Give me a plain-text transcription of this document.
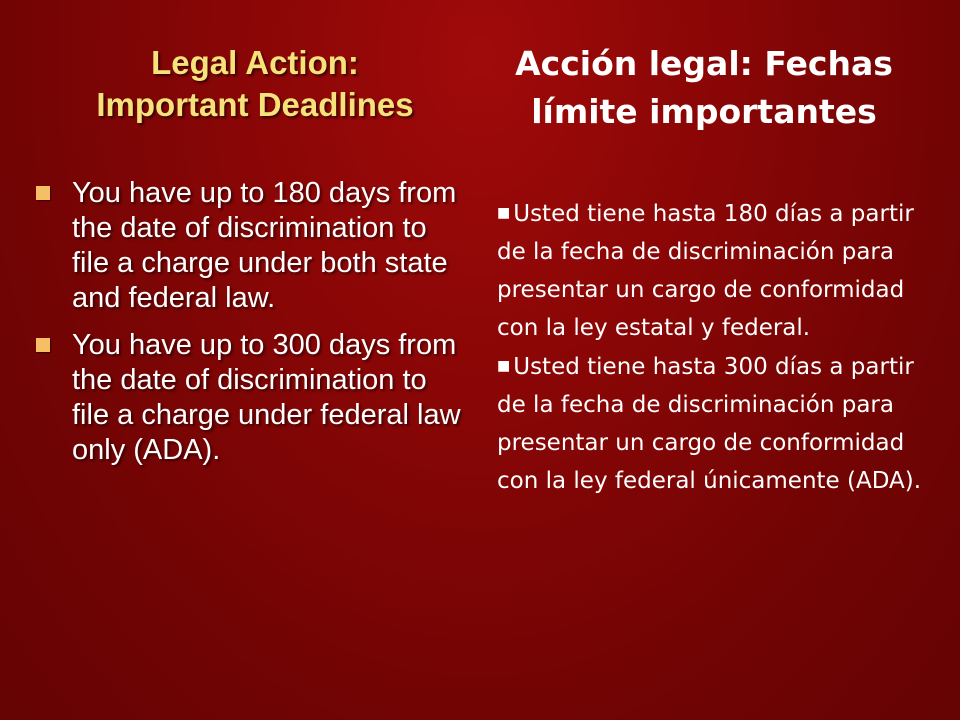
Legal Action:
Important Deadlines
Acción legal: Fechas
límite importantes
You have up to 180 days from the date of discrimination to file a charge under both state and federal law.
You have up to 300 days from the date of discrimination to file a charge under federal law only (ADA).
■ Usted tiene hasta 180 días a partir de la fecha de discriminación para presentar un cargo de conformidad con la ley estatal y federal.
■ Usted tiene hasta 300 días a partir de la fecha de discriminación para presentar un cargo de conformidad con la ley federal únicamente (ADA).
